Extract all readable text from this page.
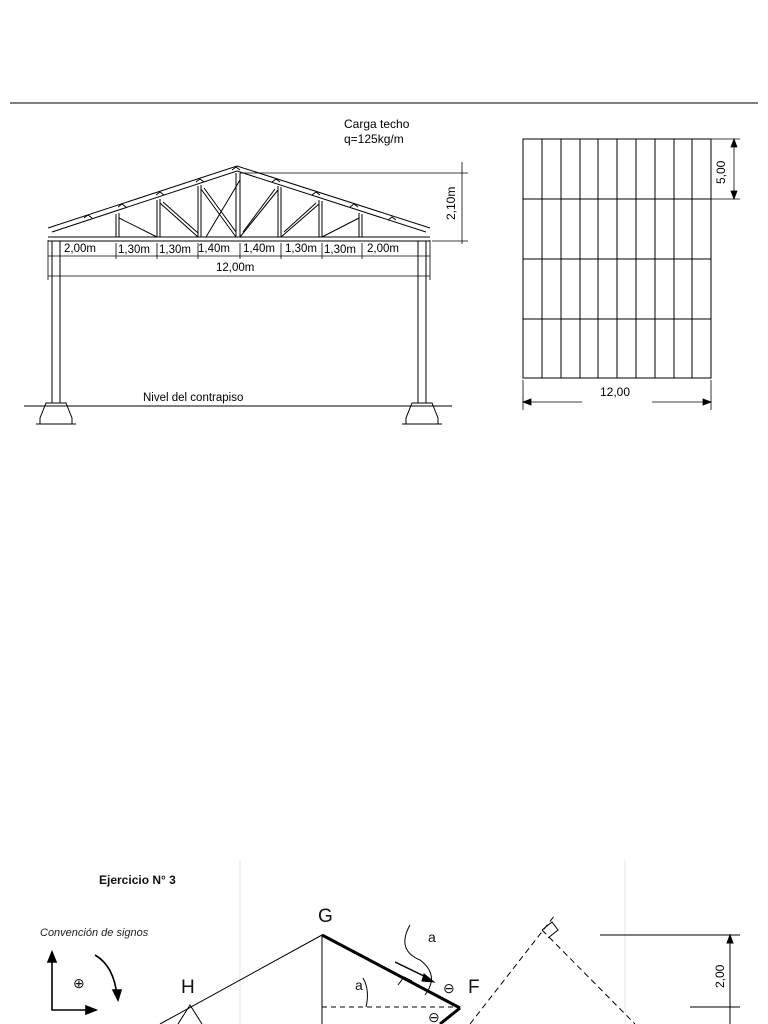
Carga techo
q=125kg/m
2,10m
2,00m 1,30m 1,30m 1,40m 1,40m 1,30m 1,30m 2,00m
12,00m
Nivel del contrapiso
5,00
12,00
Ejercicio N° 3
Convención de signos
⊕
G
H	F
a
a	⊖
⊖
2,00
